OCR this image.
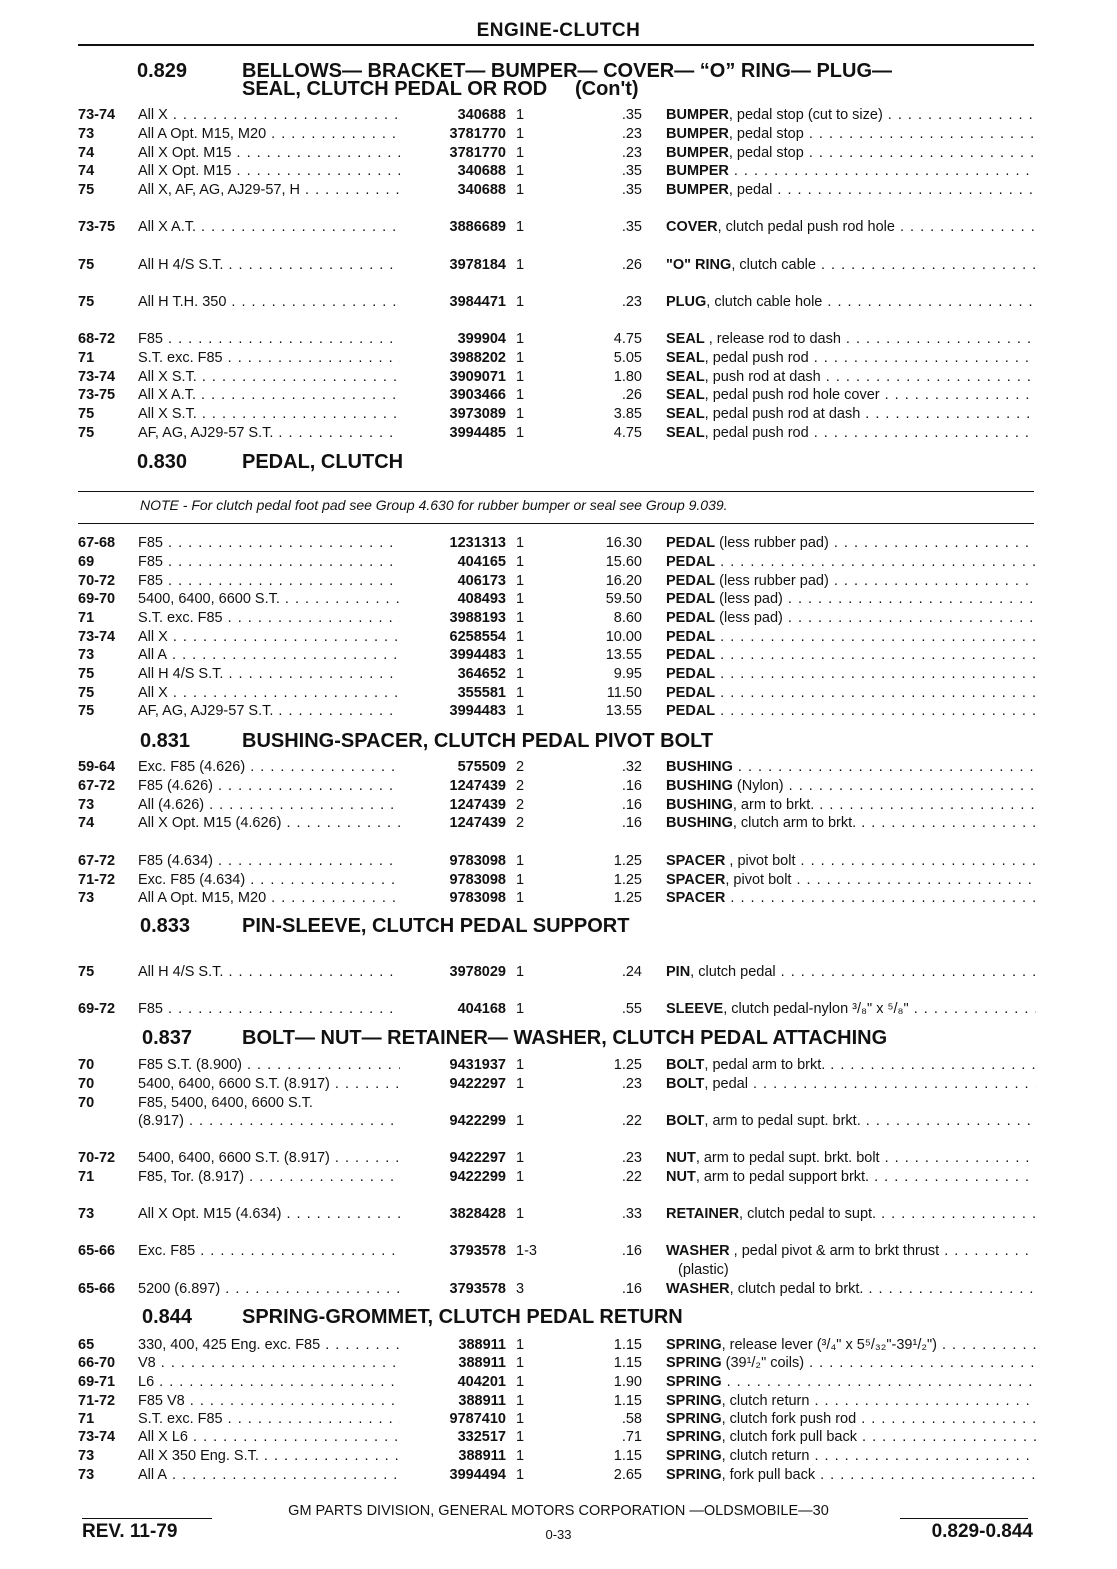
ENGINE-CLUTCH
0.829	BELLOWS— BRACKET— BUMPER— COVER— “O” RING— PLUG—
SEAL, CLUTCH PEDAL OR ROD     (Con't)
0.830	PEDAL, CLUTCH
NOTE - For clutch pedal foot pad see Group 4.630 for rubber bumper or seal see Group 9.039.
0.831	BUSHING-SPACER, CLUTCH PEDAL PIVOT BOLT
0.833	PIN-SLEEVE, CLUTCH PEDAL SUPPORT
0.837 BOLT— NUT— RETAINER— WASHER, CLUTCH PEDAL ATTACHING
0.844 SPRING-GROMMET, CLUTCH PEDAL RETURN
73-74	All X . . .	340688 1	.35 BUMPER, pedal stop (cut to size) . . .
73	All A Opt. M15, M20 . . .	3781770 1	.23 BUMPER, pedal stop . . .
74	All X Opt. M15 . . .	3781770 1	.23 BUMPER, pedal stop . . .
74	All X Opt. M15 . . .	340688 1	.35 BUMPER . . .
75	All X, AF, AG, AJ29-57, H . . .	340688 1	.35 BUMPER, pedal . . .
73-75	All X A.T. . . .	3886689 1	.35 COVER, clutch pedal push rod hole . . .
75	All H 4/S S.T. . . .	3978184 1	.26 "O" RING, clutch cable . . .
75	All H T.H. 350 . . .	3984471 1	.23 PLUG, clutch cable hole . . .
68-72	F85 . . .	399904 1	4.75 SEAL , release rod to dash . . .
71	S.T. exc. F85 . . .	3988202 1	5.05 SEAL, pedal push rod . . .
73-74	All X S.T. . . .	3909071 1	1.80 SEAL, push rod at dash . . .
73-75	All X A.T. . . .	3903466 1	.26 SEAL, pedal push rod hole cover . . .
75	All X S.T. . . .	3973089 1	3.85 SEAL, pedal push rod at dash . . .
75	AF, AG, AJ29-57 S.T. . . .	3994485 1	4.75 SEAL, pedal push rod . . .
67-68	F85 . . .	1231313 1	16.30 PEDAL (less rubber pad) . . .
69	F85 . . .	404165 1	15.60 PEDAL . . .
70-72	F85 . . .	406173 1	16.20 PEDAL (less rubber pad) . . .
69-70	5400, 6400, 6600 S.T. . . .	408493 1	59.50 PEDAL (less pad) . . .
71	S.T. exc. F85 . . .	3988193 1	8.60 PEDAL (less pad) . . .
73-74	All X . . .	6258554 1	10.00 PEDAL . . .
73	All A . . .	3994483 1	13.55 PEDAL . . .
75	All H 4/S S.T. . . .	364652 1	9.95 PEDAL . . .
75	All X . . .	355581 1	11.50 PEDAL . . .
75	AF, AG, AJ29-57 S.T. . . .	3994483 1	13.55 PEDAL . . .
59-64	Exc. F85 (4.626) . . .	575509 2	.32 BUSHING . . .
67-72	F85 (4.626) . . .	1247439 2	.16 BUSHING (Nylon) . . .
73	All (4.626) . . .	1247439 2	.16 BUSHING, arm to brkt. . . .
74	All X Opt. M15 (4.626) . . .	1247439 2	.16 BUSHING, clutch arm to brkt. . . .
67-72	F85 (4.634) . . .	9783098 1	1.25 SPACER , pivot bolt . . .
71-72	Exc. F85 (4.634) . . .	9783098 1	1.25 SPACER, pivot bolt . . .
73	All A Opt. M15, M20 . . .	9783098 1	1.25 SPACER . . .
75	All H 4/S S.T. . . .	3978029 1	.24 PIN, clutch pedal . . .
69-72	F85 . . .	404168 1	.55 SLEEVE, clutch pedal-nylon ³/₈" x ⁵/₈" . . .
70	F85 S.T. (8.900) . . .	9431937 1	1.25 BOLT, pedal arm to brkt. . . .
70	5400, 6400, 6600 S.T. (8.917) . . .	9422297 1	.23 BOLT, pedal . . .
70	F85, 5400, 6400, 6600 S.T.
(8.917) . . .	9422299 1	.22 BOLT, arm to pedal supt. brkt. . . .
70-72	5400, 6400, 6600 S.T. (8.917) . . .	9422297 1	.23 NUT, arm to pedal supt. brkt. bolt . . .
71	F85, Tor. (8.917) . . .	9422299 1	.22 NUT, arm to pedal support brkt. . . .
73	All X Opt. M15 (4.634) . . .	3828428 1	.33 RETAINER, clutch pedal to supt. . . .
65-66	Exc. F85 . . .	3793578 1-3	.16 WASHER , pedal pivot & arm to brkt thrust . . .
(plastic)
65-66	5200 (6.897) . . .	3793578 3	.16 WASHER, clutch pedal to brkt. . . .
65	330, 400, 425 Eng. exc. F85 . . .	388911 1	1.15 SPRING, release lever (³/₄" x 5⁵/₃₂"-39¹/₂") . . .
66-70	V8 . . .	388911 1	1.15 SPRING (39¹/₂" coils) . . .
69-71	L6 . . .	404201 1	1.90 SPRING . . .
71-72	F85 V8 . . .	388911 1	1.15 SPRING, clutch return . . .
71	S.T. exc. F85 . . .	9787410 1	.58 SPRING, clutch fork push rod . . .
73-74	All X L6 . . .	332517 1	.71 SPRING, clutch fork pull back . . .
73	All X 350 Eng. S.T. . . .	388911 1	1.15 SPRING, clutch return . . .
73	All A . . .	3994494 1	2.65 SPRING, fork pull back . . .
GM PARTS DIVISION, GENERAL MOTORS CORPORATION —OLDSMOBILE—30
REV. 11-79	0-33	0.829-0.844
